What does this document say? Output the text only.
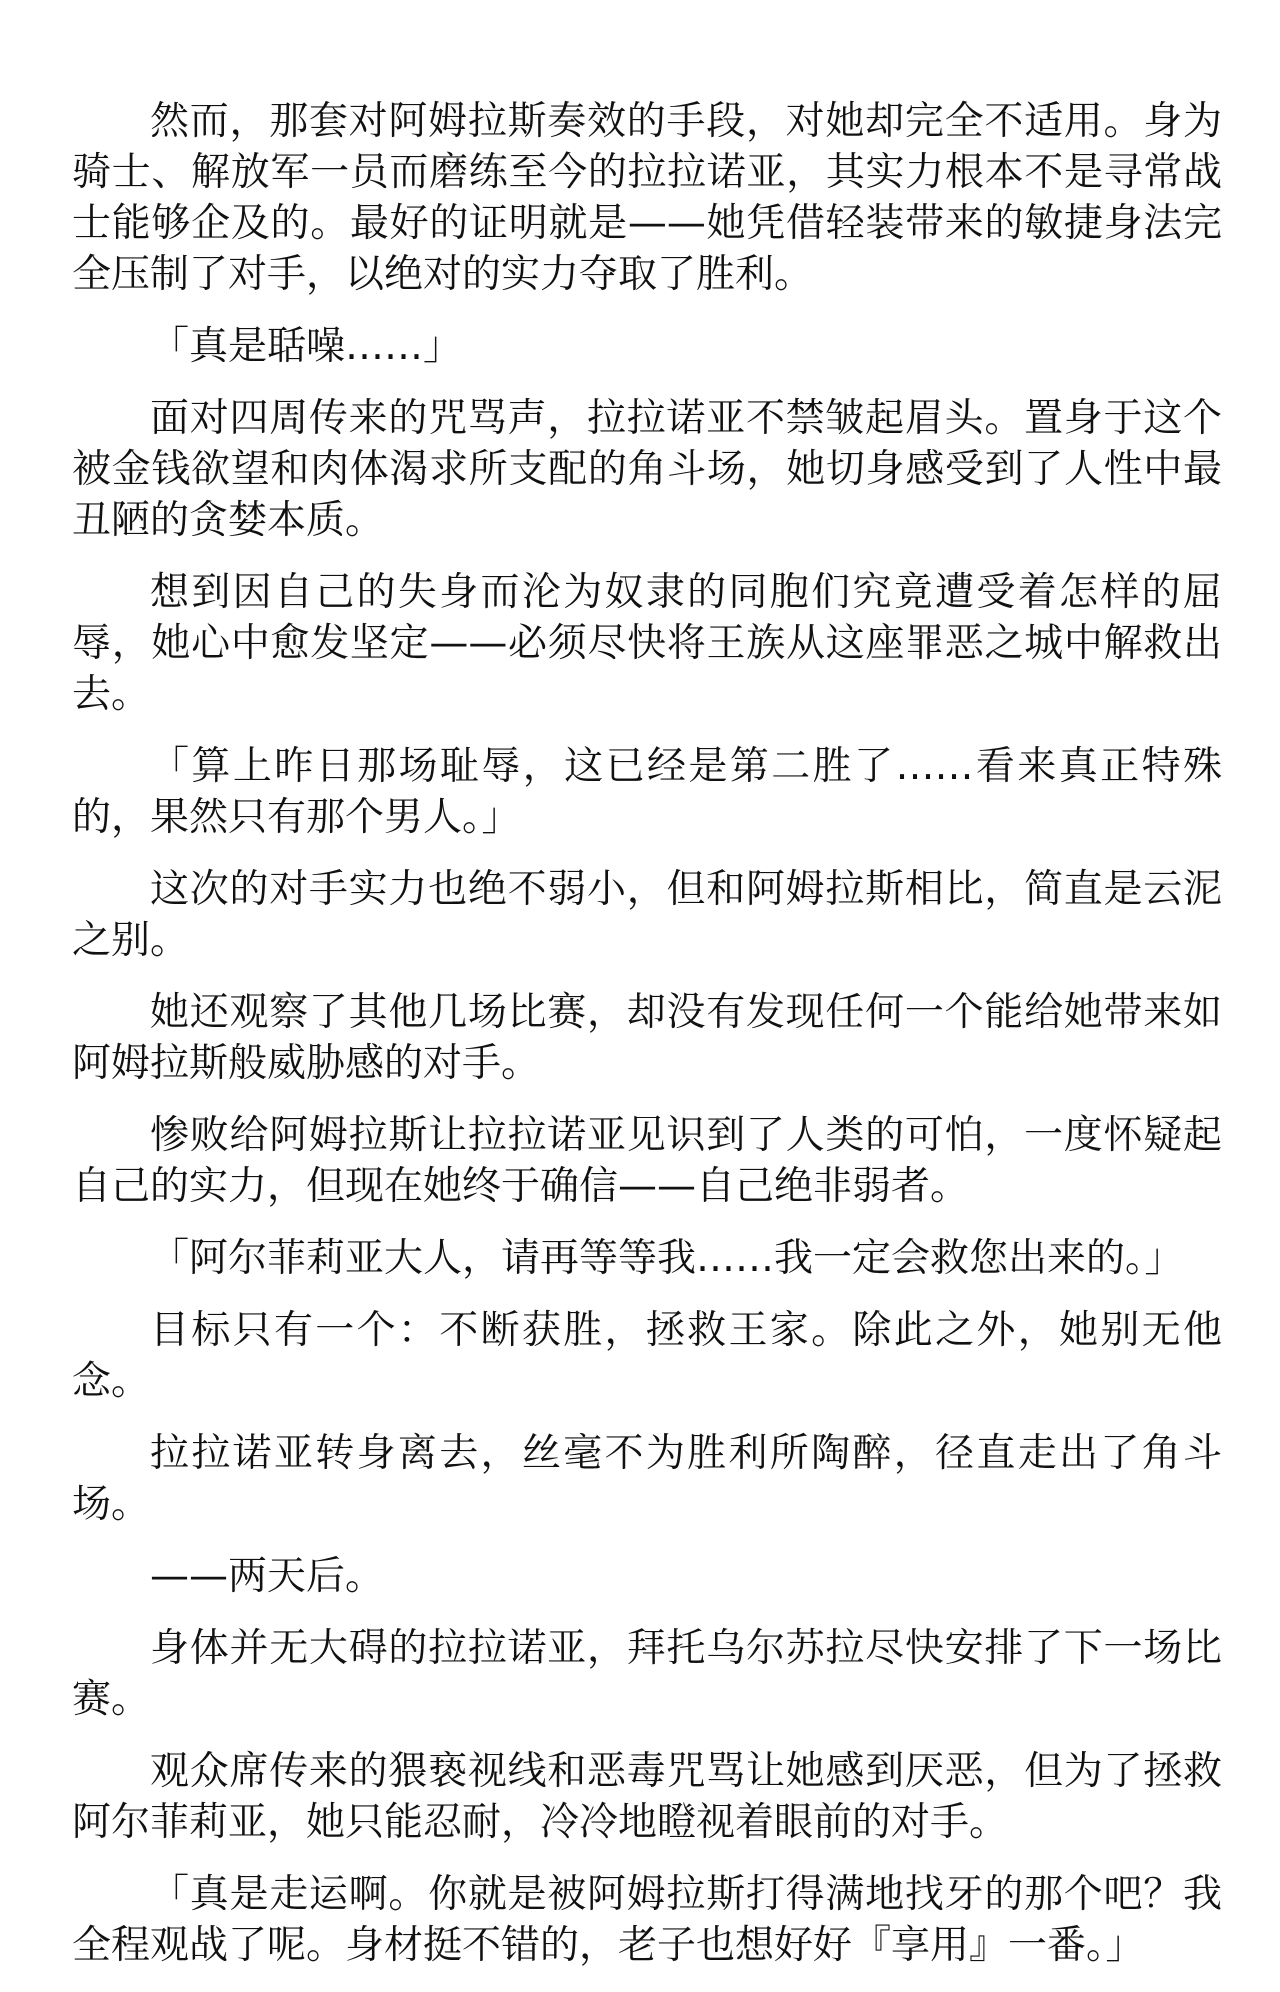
然而，那套对阿姆拉斯奏效的手段，对她却完全不适用。身为骑士、解放军一员而磨练至今的拉拉诺亚，其实力根本不是寻常战士能够企及的。最好的证明就是——她凭借轻装带来的敏捷身法完全压制了对手，以绝对的实力夺取了胜利。

「真是聒噪……」

面对四周传来的咒骂声，拉拉诺亚不禁皱起眉头。置身于这个被金钱欲望和肉体渴求所支配的角斗场，她切身感受到了人性中最丑陋的贪婪本质。

想到因自己的失身而沦为奴隶的同胞们究竟遭受着怎样的屈辱，她心中愈发坚定——必须尽快将王族从这座罪恶之城中解救出去。

「算上昨日那场耻辱，这已经是第二胜了……看来真正特殊的，果然只有那个男人。」

这次的对手实力也绝不弱小，但和阿姆拉斯相比，简直是云泥之别。

她还观察了其他几场比赛，却没有发现任何一个能给她带来如阿姆拉斯般威胁感的对手。

惨败给阿姆拉斯让拉拉诺亚见识到了人类的可怕，一度怀疑起自己的实力，但现在她终于确信——自己绝非弱者。

「阿尔菲莉亚大人，请再等等我……我一定会救您出来的。」

目标只有一个：不断获胜，拯救王家。除此之外，她别无他念。

拉拉诺亚转身离去，丝毫不为胜利所陶醉，径直走出了角斗场。

——两天后。

身体并无大碍的拉拉诺亚，拜托乌尔苏拉尽快安排了下一场比赛。

观众席传来的猥亵视线和恶毒咒骂让她感到厌恶，但为了拯救阿尔菲莉亚，她只能忍耐，冷冷地瞪视着眼前的对手。

「真是走运啊。你就是被阿姆拉斯打得满地找牙的那个吧？我全程观战了呢。身材挺不错的，老子也想好好『享用』一番。」
